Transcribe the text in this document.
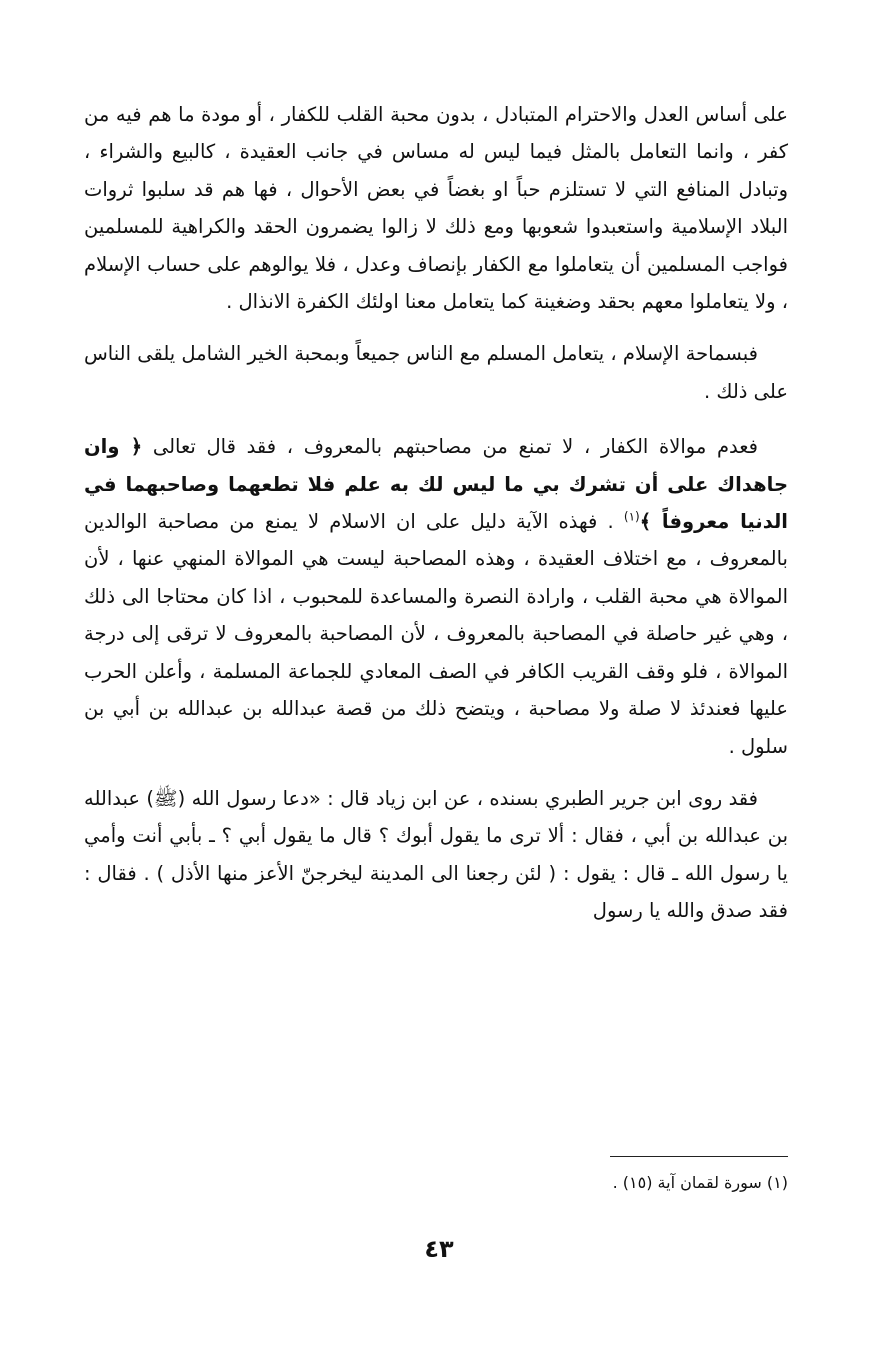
على أساس العدل والاحترام المتبادل ، بدون محبة القلب للكفار ، أو مودة ما هم فيه من كفر ، وانما التعامل بالمثل فيما ليس له مساس في جانب العقيدة ، كالبيع والشراء ، وتبادل المنافع التي لا تستلزم حباً او بغضاً في بعض الأحوال ، فها هم قد سلبوا ثروات البلاد الإسلامية واستعبدوا شعوبها ومع ذلك لا زالوا يضمرون الحقد والكراهية للمسلمين فواجب المسلمين أن يتعاملوا مع الكفار بإنصاف وعدل ، فلا يوالوهم على حساب الإسلام ، ولا يتعاملوا معهم بحقد وضغينة كما يتعامل معنا اولئك الكفرة الانذال .

فبسماحة الإسلام ، يتعامل المسلم مع الناس جميعاً وبمحبة الخير الشامل يلقى الناس على ذلك .

فعدم موالاة الكفار ، لا تمنع من مصاحبتهم بالمعروف ، فقد قال تعالى ﴿ وان جاهداك على أن تشرك بي ما ليس لك به علم فلا تطعهما وصاحبهما في الدنيا معروفاً ﴾$^{(١)}$ . فهذه الآية دليل على ان الاسلام لا يمنع من مصاحبة الوالدين بالمعروف ، مع اختلاف العقيدة ، وهذه المصاحبة ليست هي الموالاة المنهي عنها ، لأن الموالاة هي محبة القلب ، وارادة النصرة والمساعدة للمحبوب ، اذا كان محتاجا الى ذلك ، وهي غير حاصلة في المصاحبة بالمعروف ، لأن المصاحبة بالمعروف لا ترقى إلى درجة الموالاة ، فلو وقف القريب الكافر في الصف المعادي للجماعة المسلمة ، وأعلن الحرب عليها فعندئذ لا صلة ولا مصاحبة ، ويتضح ذلك من قصة عبدالله بن عبدالله بن أبي بن سلول .

فقد روى ابن جرير الطبري بسنده ، عن ابن زياد قال : «دعا رسول الله (ﷺ) عبدالله بن عبدالله بن أبي ، فقال : ألا ترى ما يقول أبوك ؟ قال ما يقول أبي ؟ ـ بأبي أنت وأمي يا رسول الله ـ قال : يقول : ( لئن رجعنا الى المدينة ليخرجنّ الأعز منها الأذل ) . فقال : فقد صدق والله يا رسول

(١) سورة لقمان آية (١٥) .
٤٣
